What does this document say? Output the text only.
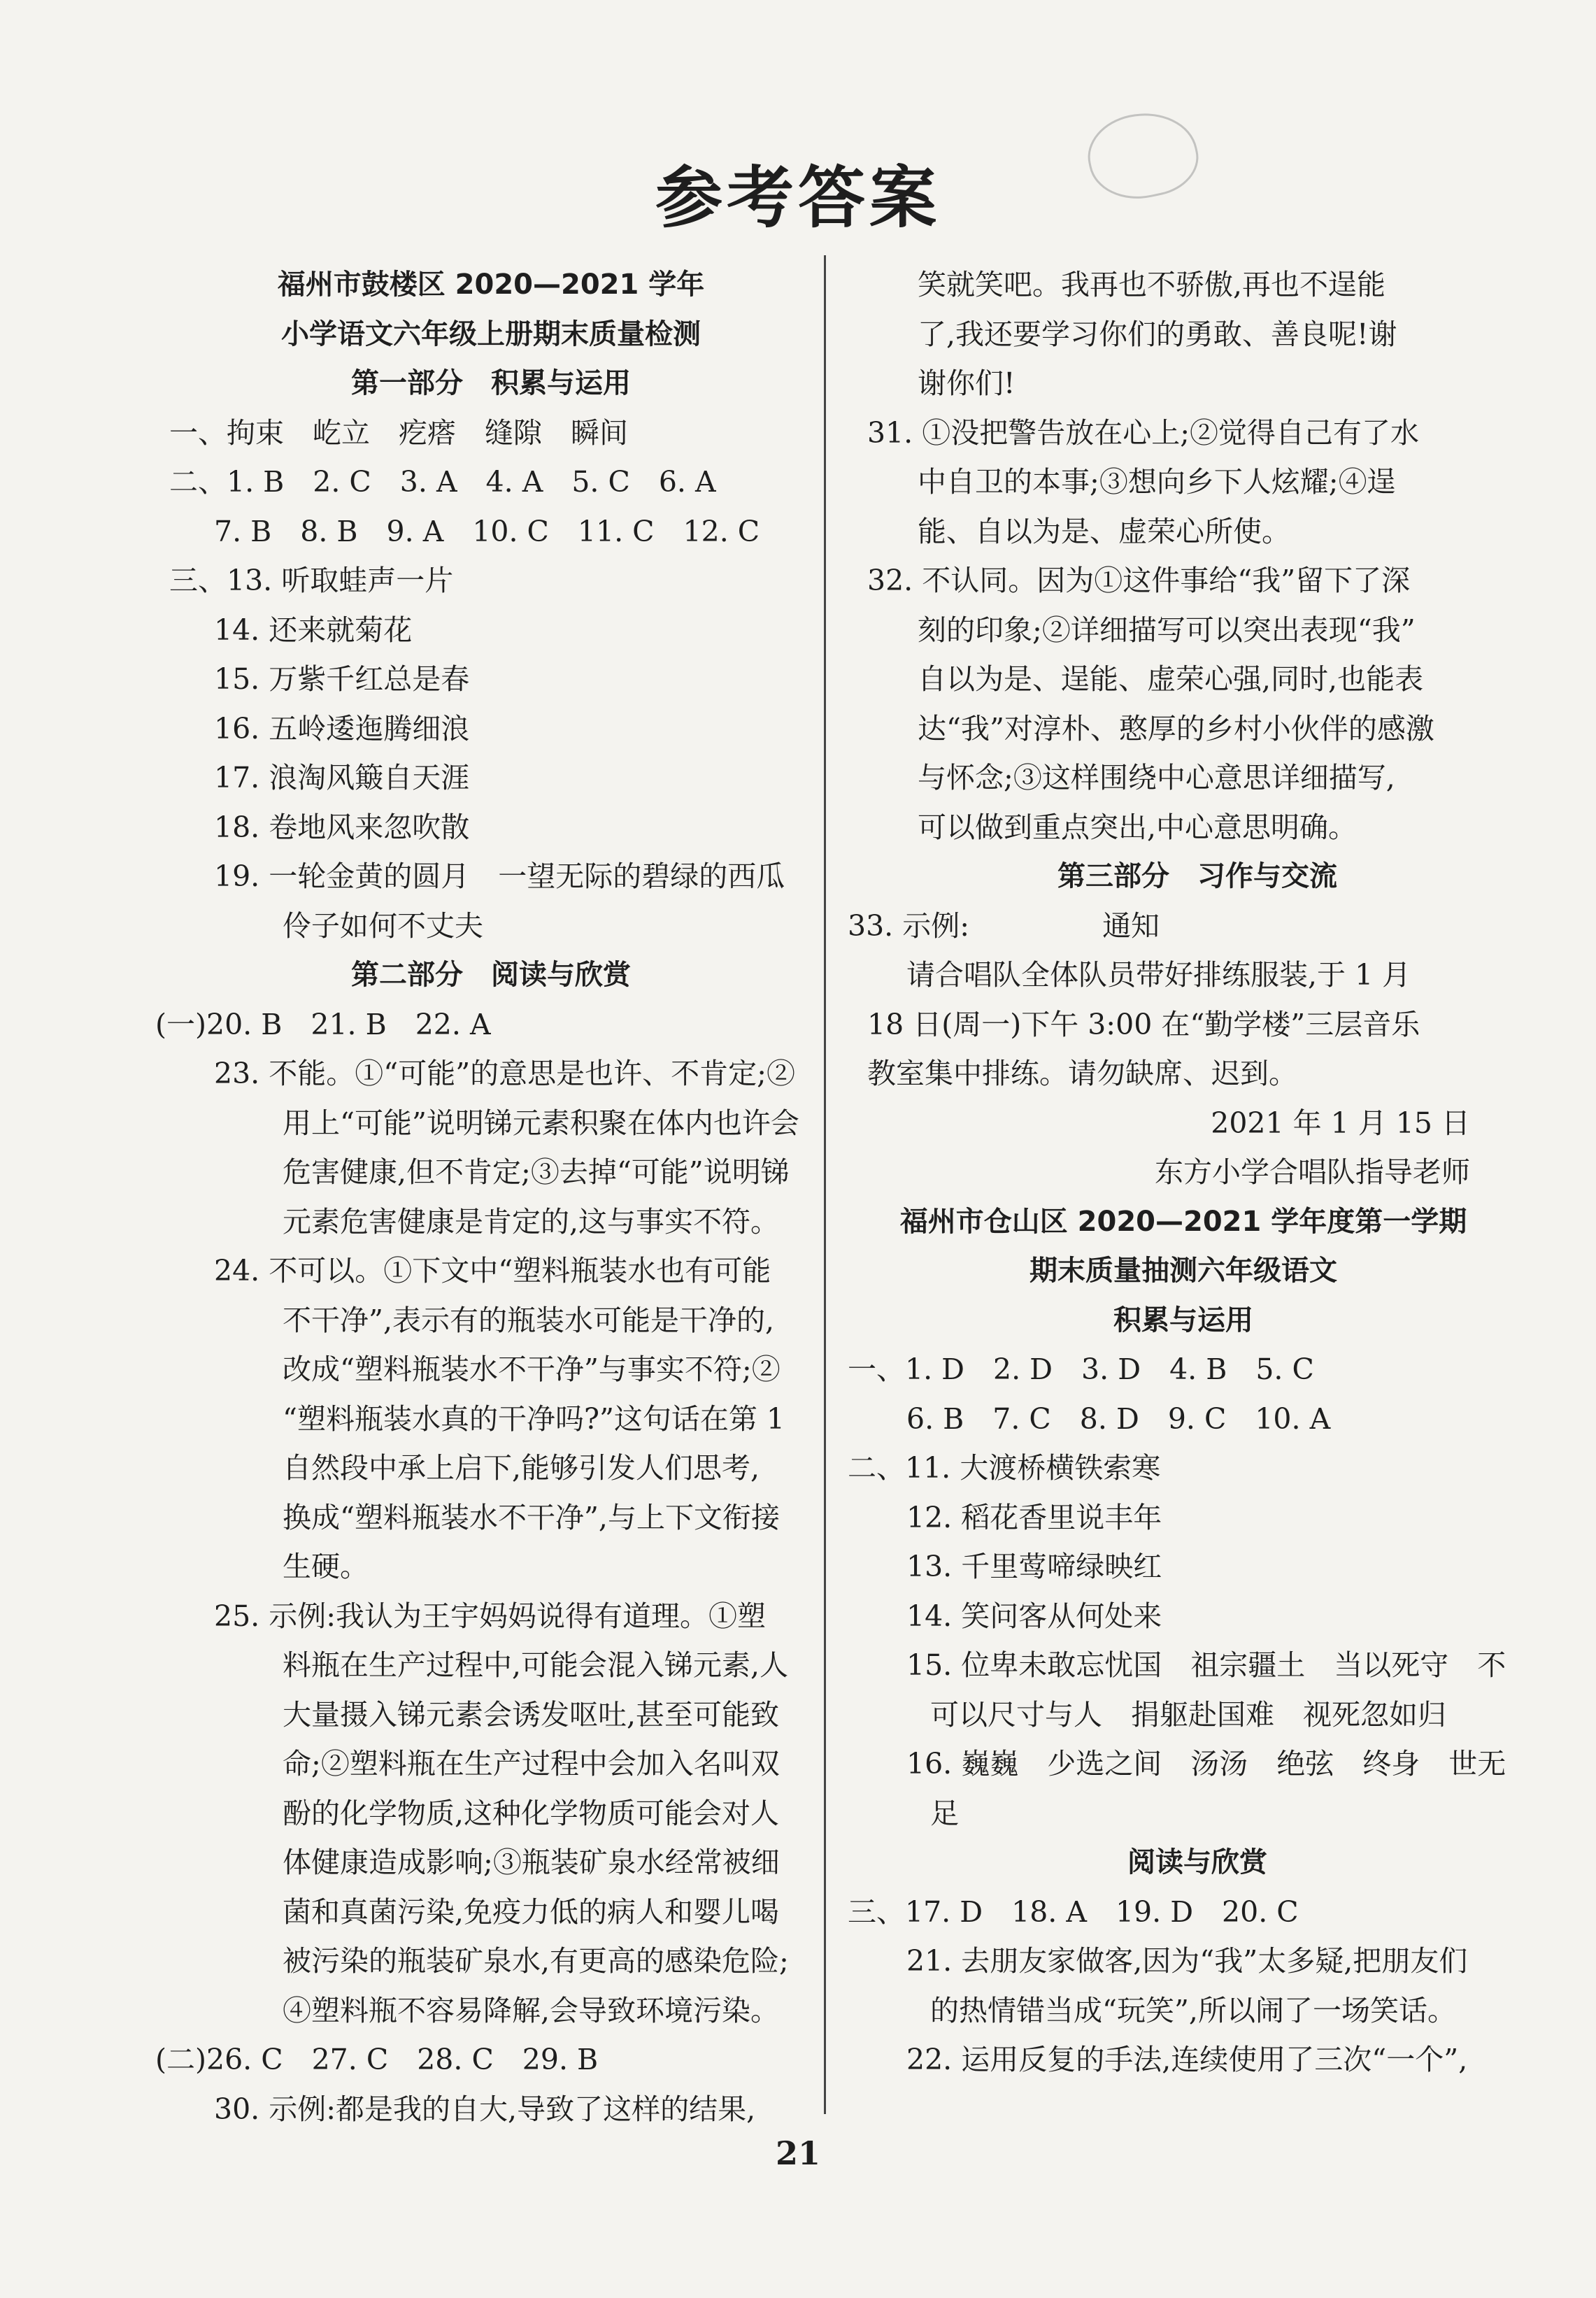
参考答案
福州市鼓楼区 2020—2021 学年
小学语文六年级上册期末质量检测
第一部分　积累与运用
一、拘束　屹立　疙瘩　缝隙　瞬间
二、1. B　2. C　3. A　4. A　5. C　6. A
7. B　8. B　9. A　10. C　11. C　12. C
三、13. 听取蛙声一片
14. 还来就菊花
15. 万紫千红总是春
16. 五岭逶迤腾细浪
17. 浪淘风簸自天涯
18. 卷地风来忽吹散
19. 一轮金黄的圆月　一望无际的碧绿的西瓜
伶子如何不丈夫
第二部分　阅读与欣赏
(一)20. B　21. B　22. A
23. 不能。①“可能”的意思是也许、不肯定;②
用上“可能”说明锑元素积聚在体内也许会
危害健康,但不肯定;③去掉“可能”说明锑
元素危害健康是肯定的,这与事实不符。
24. 不可以。①下文中“塑料瓶装水也有可能
不干净”,表示有的瓶装水可能是干净的,
改成“塑料瓶装水不干净”与事实不符;②
“塑料瓶装水真的干净吗?”这句话在第 1
自然段中承上启下,能够引发人们思考,
换成“塑料瓶装水不干净”,与上下文衔接
生硬。
25. 示例:我认为王宇妈妈说得有道理。①塑
料瓶在生产过程中,可能会混入锑元素,人
大量摄入锑元素会诱发呕吐,甚至可能致
命;②塑料瓶在生产过程中会加入名叫双
酚的化学物质,这种化学物质可能会对人
体健康造成影响;③瓶装矿泉水经常被细
菌和真菌污染,免疫力低的病人和婴儿喝
被污染的瓶装矿泉水,有更高的感染危险;
④塑料瓶不容易降解,会导致环境污染。
(二)26. C　27. C　28. C　29. B
30. 示例:都是我的自大,导致了这样的结果,
笑就笑吧。我再也不骄傲,再也不逞能
了,我还要学习你们的勇敢、善良呢!谢
谢你们!
31. ①没把警告放在心上;②觉得自己有了水
中自卫的本事;③想向乡下人炫耀;④逞
能、自以为是、虚荣心所使。
32. 不认同。因为①这件事给“我”留下了深
刻的印象;②详细描写可以突出表现“我”
自以为是、逞能、虚荣心强,同时,也能表
达“我”对淳朴、憨厚的乡村小伙伴的感激
与怀念;③这样围绕中心意思详细描写,
可以做到重点突出,中心意思明确。
第三部分　习作与交流
33. 示例:	通知
请合唱队全体队员带好排练服装,于 1 月
18 日(周一)下午 3:00 在“勤学楼”三层音乐
教室集中排练。请勿缺席、迟到。
2021 年 1 月 15 日
东方小学合唱队指导老师
福州市仓山区 2020—2021 学年度第一学期
期末质量抽测六年级语文
积累与运用
一、1. D　2. D　3. D　4. B　5. C
6. B　7. C　8. D　9. C　10. A
二、11. 大渡桥横铁索寒
12. 稻花香里说丰年
13. 千里莺啼绿映红
14. 笑问客从何处来
15. 位卑未敢忘忧国　祖宗疆土　当以死守　不
可以尺寸与人　捐躯赴国难　视死忽如归
16. 巍巍　少选之间　汤汤　绝弦　终身　世无
足
阅读与欣赏
三、17. D　18. A　19. D　20. C
21. 去朋友家做客,因为“我”太多疑,把朋友们
的热情错当成“玩笑”,所以闹了一场笑话。
22. 运用反复的手法,连续使用了三次“一个”,
21
